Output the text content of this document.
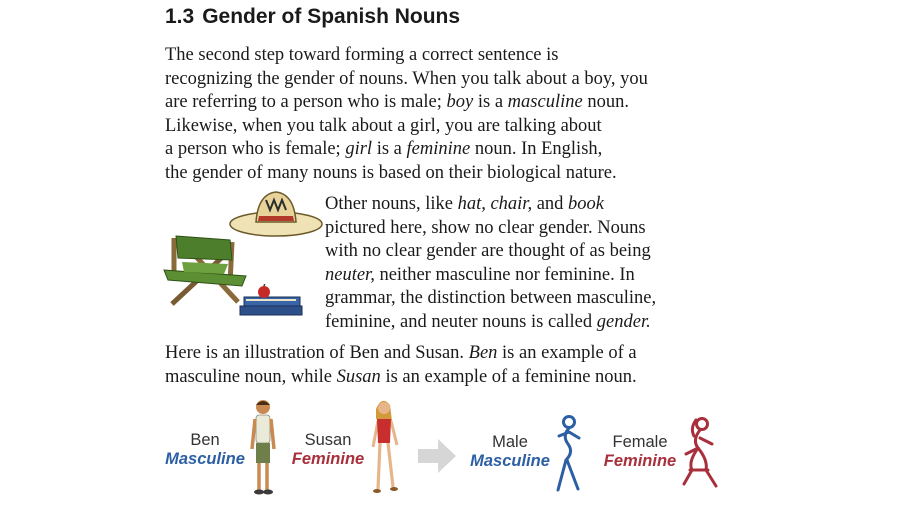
1.3 Gender of Spanish Nouns
The second step toward forming a correct sentence is
recognizing the gender of nouns. When you talk about a boy, you
are referring to a person who is male; boy is a masculine noun.
Likewise, when you talk about a girl, you are talking about
a person who is female; girl is a feminine noun. In English,
the gender of many nouns is based on their biological nature.
Other nouns, like hat, chair, and book
pictured here, show no clear gender. Nouns
with no clear gender are thought of as being
neuter, neither masculine nor feminine. In
grammar, the distinction between masculine,
feminine, and neuter nouns is called gender.
Here is an illustration of Ben and Susan. Ben is an example of a
masculine noun, while Susan is an example of a feminine noun.
Ben
Masculine
Susan
Feminine
Male
Masculine
Female
Feminine
